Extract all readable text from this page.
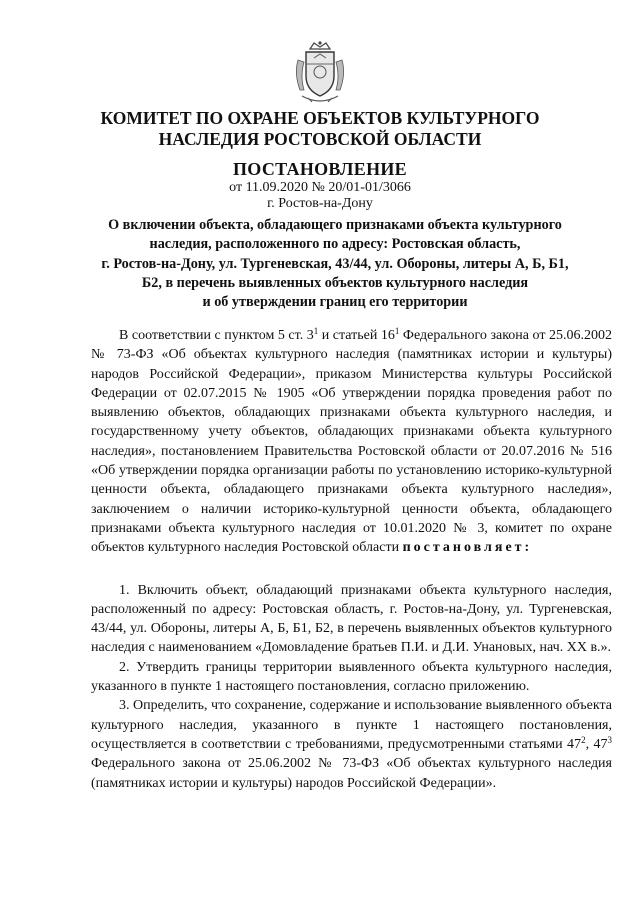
КОМИТЕТ ПО ОХРАНЕ ОБЪЕКТОВ КУЛЬТУРНОГО
НАСЛЕДИЯ РОСТОВСКОЙ ОБЛАСТИ
ПОСТАНОВЛЕНИЕ
от 11.09.2020 № 20/01-01/3066
г. Ростов-на-Дону
О включении объекта, обладающего признаками объекта культурного
наследия, расположенного по адресу: Ростовская область,
г. Ростов-на-Дону, ул. Тургеневская, 43/44, ул. Обороны, литеры А, Б, Б1,
Б2, в перечень выявленных объектов культурного наследия
и об утверждении границ его территории

В соответствии с пунктом 5 ст. $3^1$ и статьей $16^1$ Федерального закона от 25.06.2002 № 73-ФЗ «Об объектах культурного наследия (памятниках истории и культуры) народов Российской Федерации», приказом Министерства культуры Российской Федерации от 02.07.2015 № 1905 «Об утверждении порядка проведения работ по выявлению объектов, обладающих признаками объекта культурного наследия, и государственному учету объектов, обладающих признаками объекта культурного наследия», постановлением Правительства Ростовской области от 20.07.2016 № 516 «Об утверждении порядка организации работы по установлению историко-культурной ценности объекта, обладающего признаками объекта культурного наследия», заключением о наличии историко-культурной ценности объекта, обладающего признаками объекта культурного наследия от 10.01.2020 № 3, комитет по охране объектов культурного наследия Ростовской области постановляет:

1. Включить объект, обладающий признаками объекта культурного наследия, расположенный по адресу: Ростовская область, г. Ростов-на-Дону, ул. Тургеневская, 43/44, ул. Обороны, литеры А, Б, Б1, Б2, в перечень выявленных объектов культурного наследия с наименованием «Домовладение братьев П.И. и Д.И. Унановых, нач. XX в.».

2. Утвердить границы территории выявленного объекта культурного наследия, указанного в пункте 1 настоящего постановления, согласно приложению.

3. Определить, что сохранение, содержание и использование выявленного объекта культурного наследия, указанного в пункте 1 настоящего постановления, осуществляется в соответствии с требованиями, предусмотренными статьями $47^2$, $47^3$ Федерального закона от 25.06.2002 № 73-ФЗ «Об объектах культурного наследия (памятниках истории и культуры) народов Российской Федерации».
